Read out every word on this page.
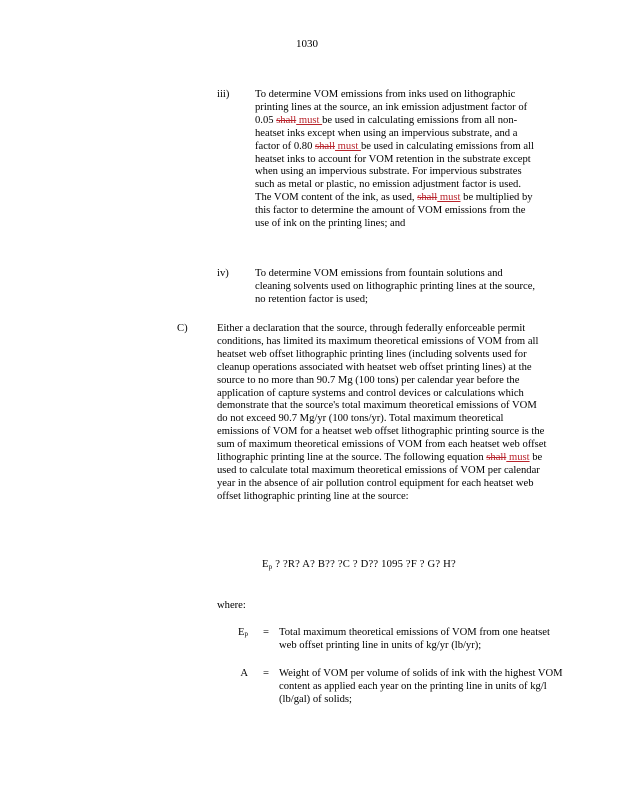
1030
iii) To determine VOM emissions from inks used on lithographic printing lines at the source, an ink emission adjustment factor of 0.05 shall must be used in calculating emissions from all non-heatset inks except when using an impervious substrate, and a factor of 0.80 shall must be used in calculating emissions from all heatset inks to account for VOM retention in the substrate except when using an impervious substrate. For impervious substrates such as metal or plastic, no emission adjustment factor is used. The VOM content of the ink, as used, shall must be multiplied by this factor to determine the amount of VOM emissions from the use of ink on the printing lines; and
iv) To determine VOM emissions from fountain solutions and cleaning solvents used on lithographic printing lines at the source, no retention factor is used;
C)	Either a declaration that the source, through federally enforceable permit conditions, has limited its maximum theoretical emissions of VOM from all heatset web offset lithographic printing lines (including solvents used for cleanup operations associated with heatset web offset printing lines) at the source to no more than 90.7 Mg (100 tons) per calendar year before the application of capture systems and control devices or calculations which demonstrate that the source's total maximum theoretical emissions of VOM do not exceed 90.7 Mg/yr (100 tons/yr). Total maximum theoretical emissions of VOM for a heatset web offset lithographic printing source is the sum of maximum theoretical emissions of VOM from each heatset web offset lithographic printing line at the source. The following equation shall must be used to calculate total maximum theoretical emissions of VOM per calendar year in the absence of air pollution control equipment for each heatset web offset lithographic printing line at the source:
$E_p$ ? ?R? A? B?? ?C ? D?? 1095 ?F ? G? H?
where:
$E_p$ = Total maximum theoretical emissions of VOM from one heatset web offset printing line in units of kg/yr (lb/yr);
A = Weight of VOM per volume of solids of ink with the highest VOM content as applied each year on the printing line in units of kg/l (lb/gal) of solids;
